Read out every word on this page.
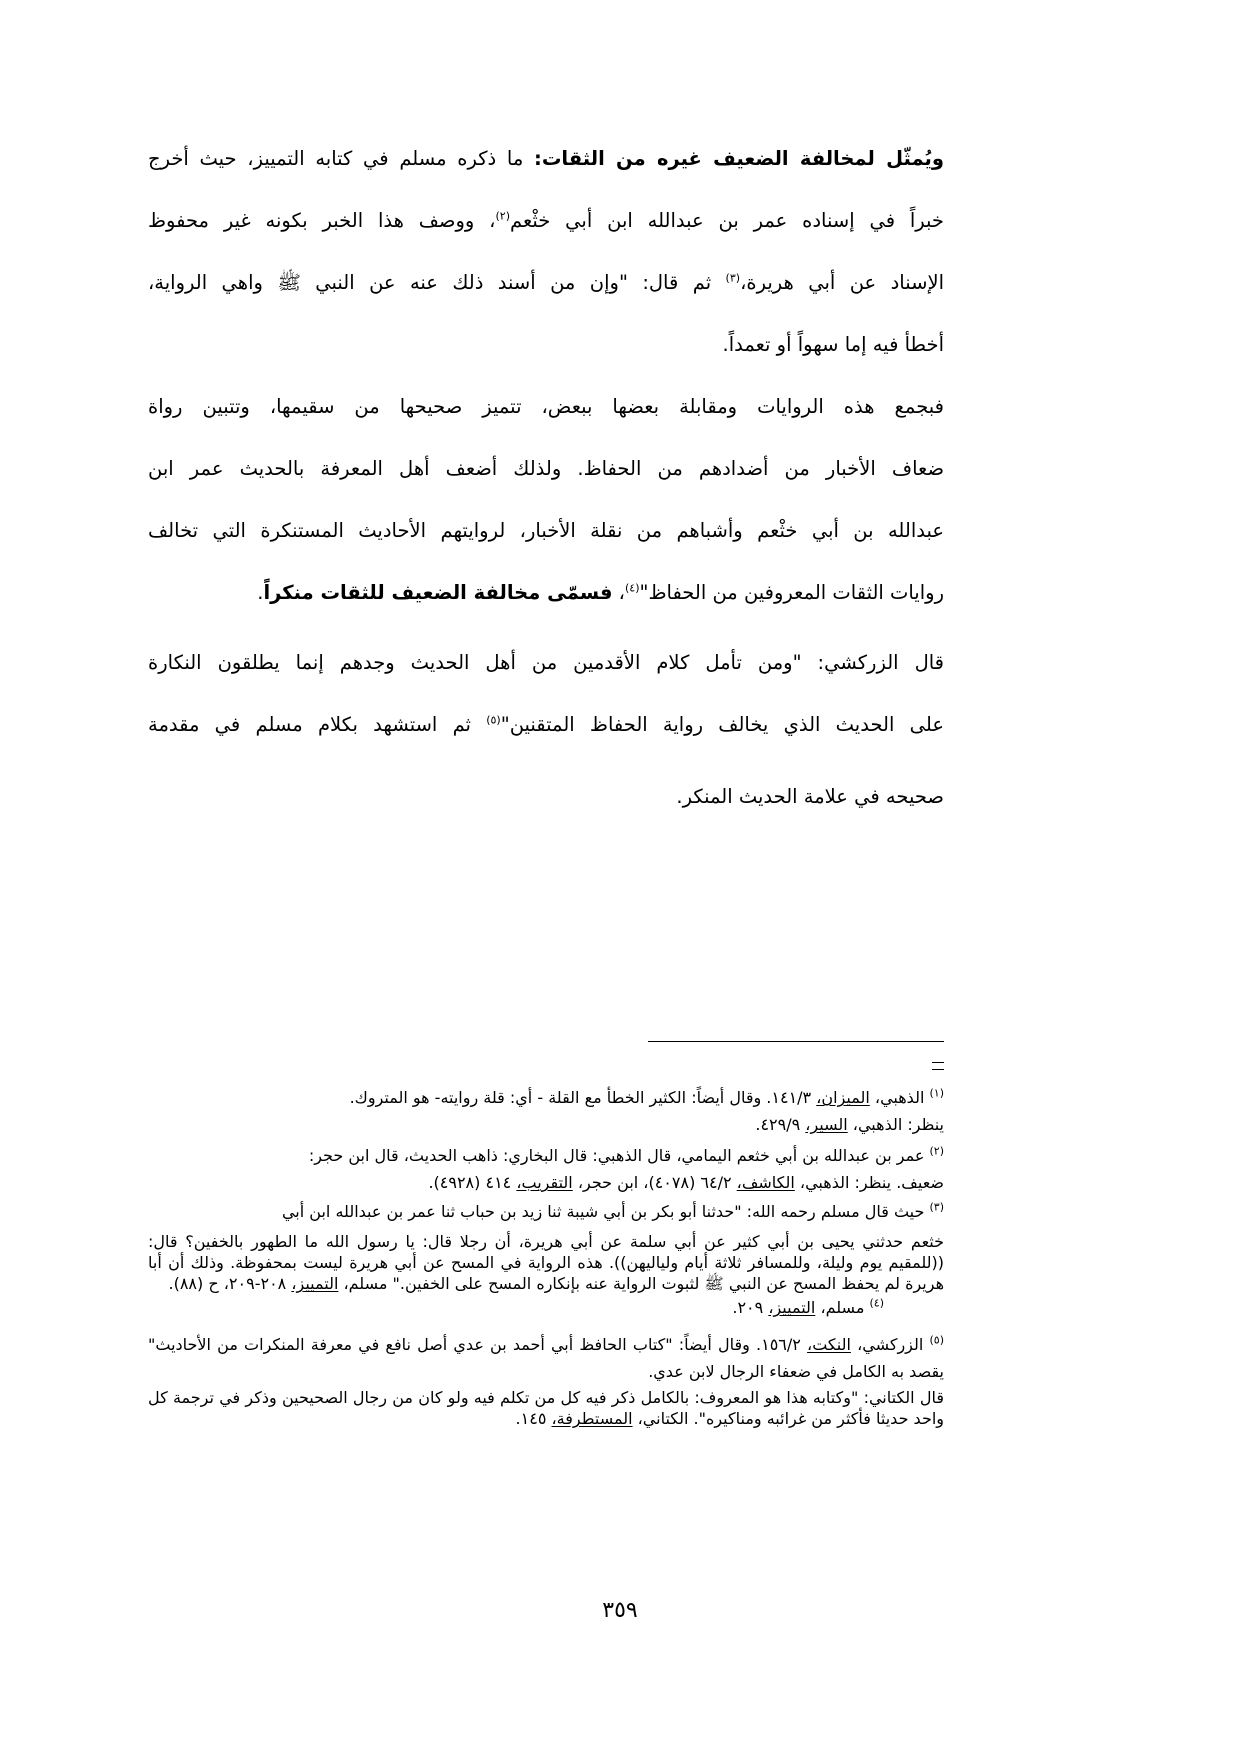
ويُمثّل لمخالفة الضعيف غيره من الثقات: ما ذكره مسلم في كتابه التمييز، حيث أخرج
خبراً في إسناده عمر بن عبدالله ابن أبي خثْعم$^{(٢)}$، ووصف هذا الخبر بكونه غير محفوظ
الإسناد عن أبي هريرة،$^{(٣)}$ ثم قال: "وإن من أسند ذلك عنه عن النبي ﷺ واهي الرواية،
أخطأ فيه إما سهواً أو تعمداً.

فبجمع هذه الروايات ومقابلة بعضها ببعض، تتميز صحيحها من سقيمها، وتتبين رواة
ضعاف الأخبار من أضدادهم من الحفاظ. ولذلك أضعف أهل المعرفة بالحديث عمر ابن
عبدالله بن أبي خثْعم وأشباهم من نقلة الأخبار، لروايتهم الأحاديث المستنكرة التي تخالف
روايات الثقات المعروفين من الحفاظ"$^{(٤)}$، فسمّى مخالفة الضعيف للثقات منكراً.

قال الزركشي: "ومن تأمل كلام الأقدمين من أهل الحديث وجدهم إنما يطلقون النكارة
على الحديث الذي يخالف رواية الحفاظ المتقنين"$^{(٥)}$ ثم استشهد بكلام مسلم في مقدمة
صحيحه في علامة الحديث المنكر.

$^{(١)}$ الذهبي، الميزان، ١٤١/٣. وقال أيضاً: الكثير الخطأ مع القلة - أي: قلة روايته- هو المتروك.
ينظر: الذهبي، السير، ٤٢٩/٩.

$^{(٢)}$ عمر بن عبدالله بن أبي خثعم اليمامي، قال الذهبي: قال البخاري: ذاهب الحديث، قال ابن حجر:
ضعيف. ينظر: الذهبي، الكاشف، ٦٤/٢ (٤٠٧٨)، ابن حجر، التقريب، ٤١٤ (٤٩٢٨).

$^{(٣)}$ حيث قال مسلم رحمه الله: "حدثنا أبو بكر بن أبي شيبة ثنا زيد بن حباب ثنا عمر بن عبدالله ابن أبي

خثعم حدثني يحيى بن أبي كثير عن أبي سلمة عن أبي هريرة، أن رجلا قال: يا رسول الله ما الطهور بالخفين؟ قال: ((للمقيم يوم وليلة، وللمسافر ثلاثة أيام ولياليهن)). هذه الرواية في المسح عن أبي هريرة ليست بمحفوظة. وذلك أن أبا هريرة لم يحفظ المسح عن النبي ﷺ لثبوت الرواية عنه بإنكاره المسح على الخفين." مسلم، التمييز، ٢٠٨-٢٠٩، ح (٨٨).

$^{(٤)}$ مسلم، التمييز، ٢٠٩.

$^{(٥)}$ الزركشي، النكت، ١٥٦/٢. وقال أيضاً: "كتاب الحافظ أبي أحمد بن عدي أصل نافع في معرفة المنكرات من الأحاديث" يقصد به الكامل في ضعفاء الرجال لابن عدي.

قال الكتاني: "وكتابه هذا هو المعروف: بالكامل ذكر فيه كل من تكلم فيه ولو كان من رجال الصحيحين وذكر في ترجمة كل واحد حديثا فأكثر من غرائبه ومناكيره". الكتاني، المستطرفة، ١٤٥.

٣٥٩
